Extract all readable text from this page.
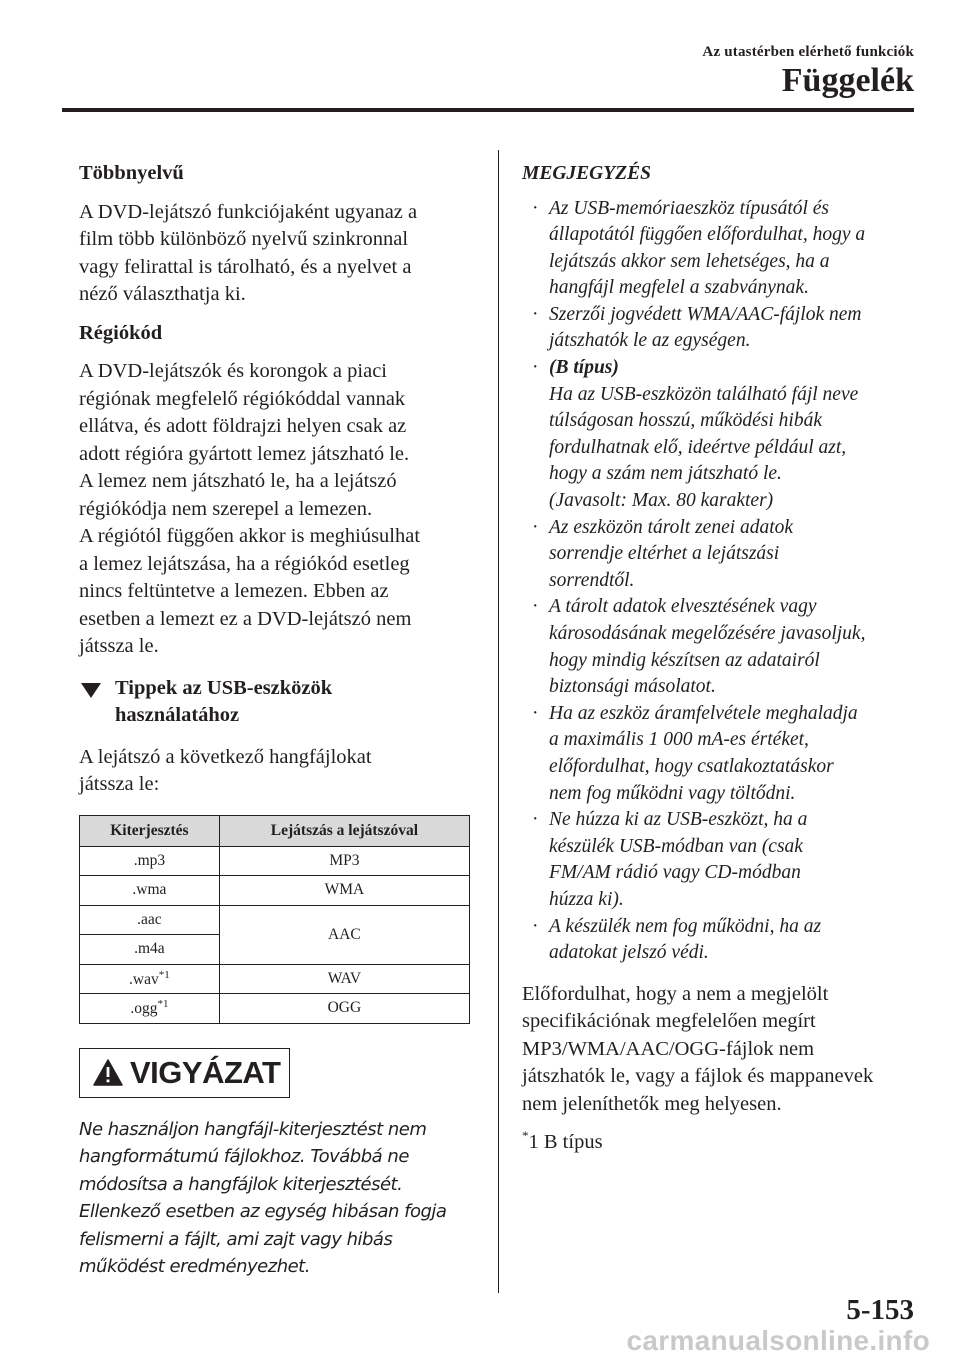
Az utastérben elérhető funkciók
Függelék
Többnyelvű

A DVD-lejátszó funkciójaként ugyanaz a
film több különböző nyelvű szinkronnal
vagy felirattal is tárolható, és a nyelvet a
néző választhatja ki.

Régiókód

A DVD-lejátszók és korongok a piaci
régiónak megfelelő régiókóddal vannak
ellátva, és adott földrajzi helyen csak az
adott régióra gyártott lemez játszható le.
A lemez nem játszható le, ha a lejátszó
régiókódja nem szerepel a lemezen.
A régiótól függően akkor is meghiúsulhat
a lemez lejátszása, ha a régiókód esetleg
nincs feltüntetve a lemezen. Ebben az
esetben a lemezt ez a DVD-lejátszó nem
játssza le.

Tippek az USB-eszközök
használatához

A lejátszó a következő hangfájlokat
játssza le:

Kiterjesztés	Lejátszás a lejátszóval
.mp3	MP3
.wma	WMA
.aac	AAC
.m4a	
.wav$^{*1}$	WAV
.ogg$^{*1}$	OGG
VIGYÁZAT

Ne használjon hangfájl-kiterjesztést nem
hangformátumú fájlokhoz. Továbbá ne
módosítsa a hangfájlok kiterjesztését.
Ellenkező esetben az egység hibásan fogja
felismerni a fájlt, ami zajt vagy hibás
működést eredményezhet.

MEGJEGYZÉS
· Az USB-memóriaeszköz típusától és
állapotától függően előfordulhat, hogy a
lejátszás akkor sem lehetséges, ha a
hangfájl megfelel a szabványnak.
· Szerzői jogvédett WMA/AAC-fájlok nem
játszhatók le az egységen.
· (B típus)
Ha az USB-eszközön található fájl neve
túlságosan hosszú, működési hibák
fordulhatnak elő, ideértve például azt,
hogy a szám nem játszható le.
(Javasolt: Max. 80 karakter)
· Az eszközön tárolt zenei adatok
sorrendje eltérhet a lejátszási
sorrendtől.
· A tárolt adatok elvesztésének vagy
károsodásának megelőzésére javasoljuk,
hogy mindig készítsen az adatairól
biztonsági másolatot.
· Ha az eszköz áramfelvétele meghaladja
a maximális 1 000 mA-es értéket,
előfordulhat, hogy csatlakoztatáskor
nem fog működni vagy töltődni.
· Ne húzza ki az USB-eszközt, ha a
készülék USB-módban van (csak
FM/AM rádió vagy CD-módban
húzza ki).
· A készülék nem fog működni, ha az
adatokat jelszó védi.

Előfordulhat, hogy a nem a megjelölt
specifikációnak megfelelően megírt
MP3/WMA/AAC/OGG-fájlok nem
játszhatók le, vagy a fájlok és mappanevek
nem jeleníthetők meg helyesen.

*1 B típus
5-153
carmanualsonline.info
